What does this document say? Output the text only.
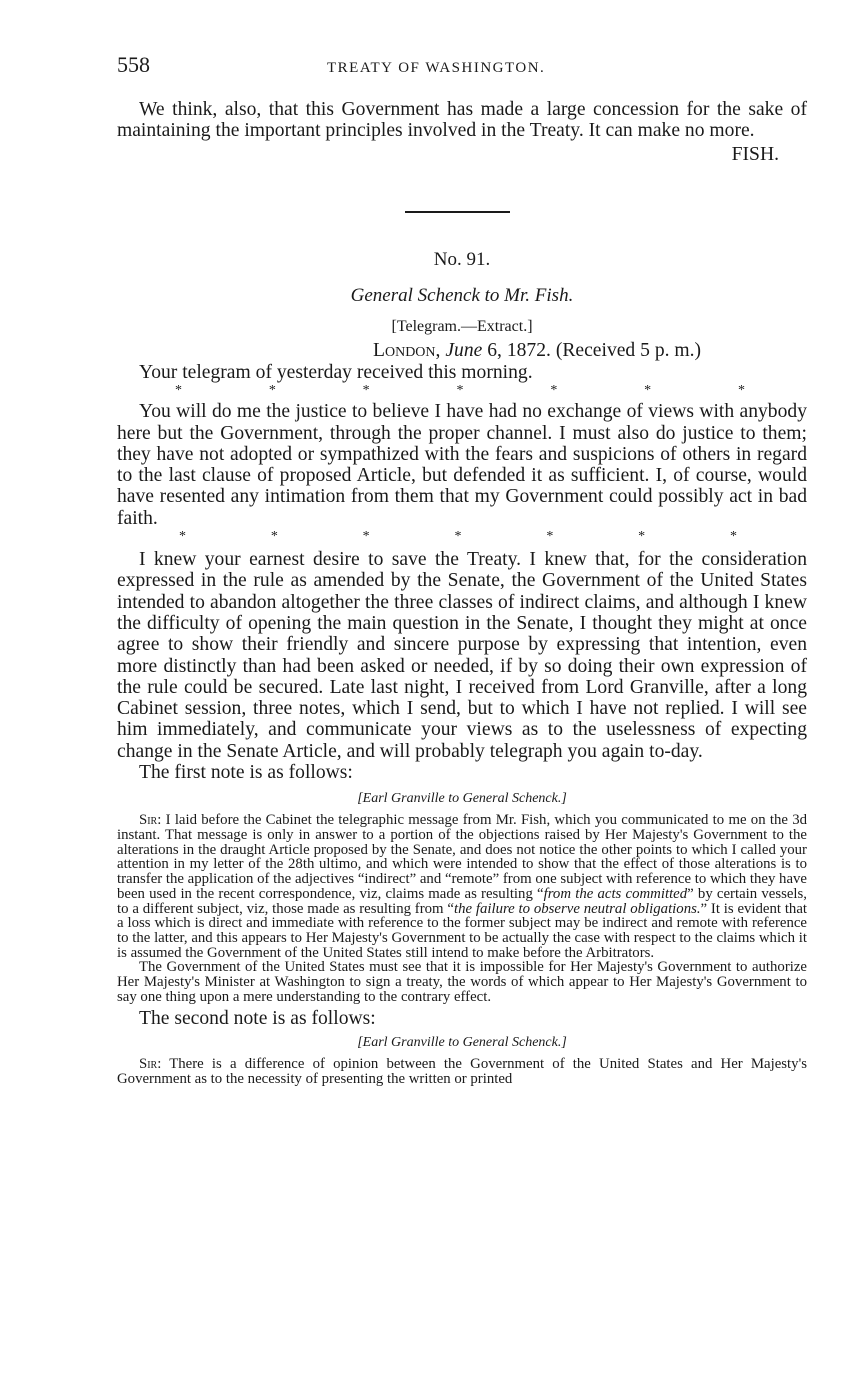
558	TREATY OF WASHINGTON.

We think, also, that this Government has made a large concession for the sake of maintaining the important principles involved in the Treaty. It can make no more.

FISH.

No. 91.

General Schenck to Mr. Fish.

[Telegram.—Extract.]

London, June 6, 1872. (Received 5 p. m.)

Your telegram of yesterday received this morning.

*	*	*	*	*	*	*

You will do me the justice to believe I have had no exchange of views with anybody here but the Government, through the proper channel. I must also do justice to them; they have not adopted or sympathized with the fears and suspicions of others in regard to the last clause of proposed Article, but defended it as sufficient. I, of course, would have resented any intimation from them that my Government could possibly act in bad faith.

*	*	*	*	*	*	*

I knew your earnest desire to save the Treaty. I knew that, for the consideration expressed in the rule as amended by the Senate, the Government of the United States intended to abandon altogether the three classes of indirect claims, and although I knew the difficulty of opening the main question in the Senate, I thought they might at once agree to show their friendly and sincere purpose by expressing that intention, even more distinctly than had been asked or needed, if by so doing their own expression of the rule could be secured. Late last night, I received from Lord Granville, after a long Cabinet session, three notes, which I send, but to which I have not replied. I will see him immediately, and communicate your views as to the uselessness of expecting change in the Senate Article, and will probably telegraph you again to-day.

The first note is as follows:

[Earl Granville to General Schenck.]

Sir: I laid before the Cabinet the telegraphic message from Mr. Fish, which you communicated to me on the 3d instant. That message is only in answer to a portion of the objections raised by Her Majesty's Government to the alterations in the draught Article proposed by the Senate, and does not notice the other points to which I called your attention in my letter of the 28th ultimo, and which were intended to show that the effect of those alterations is to transfer the application of the adjectives “indirect” and “remote” from one subject with reference to which they have been used in the recent correspondence, viz, claims made as resulting “from the acts committed” by certain vessels, to a different subject, viz, those made as resulting from “the failure to observe neutral obligations.” It is evident that a loss which is direct and immediate with reference to the former subject may be indirect and remote with reference to the latter, and this appears to Her Majesty's Government to be actually the case with respect to the claims which it is assumed the Government of the United States still intend to make before the Arbitrators.

The Government of the United States must see that it is impossible for Her Majesty's Government to authorize Her Majesty's Minister at Washington to sign a treaty, the words of which appear to Her Majesty's Government to say one thing upon a mere understanding to the contrary effect.

The second note is as follows:

[Earl Granville to General Schenck.]

Sir: There is a difference of opinion between the Government of the United States and Her Majesty's Government as to the necessity of presenting the written or printed
